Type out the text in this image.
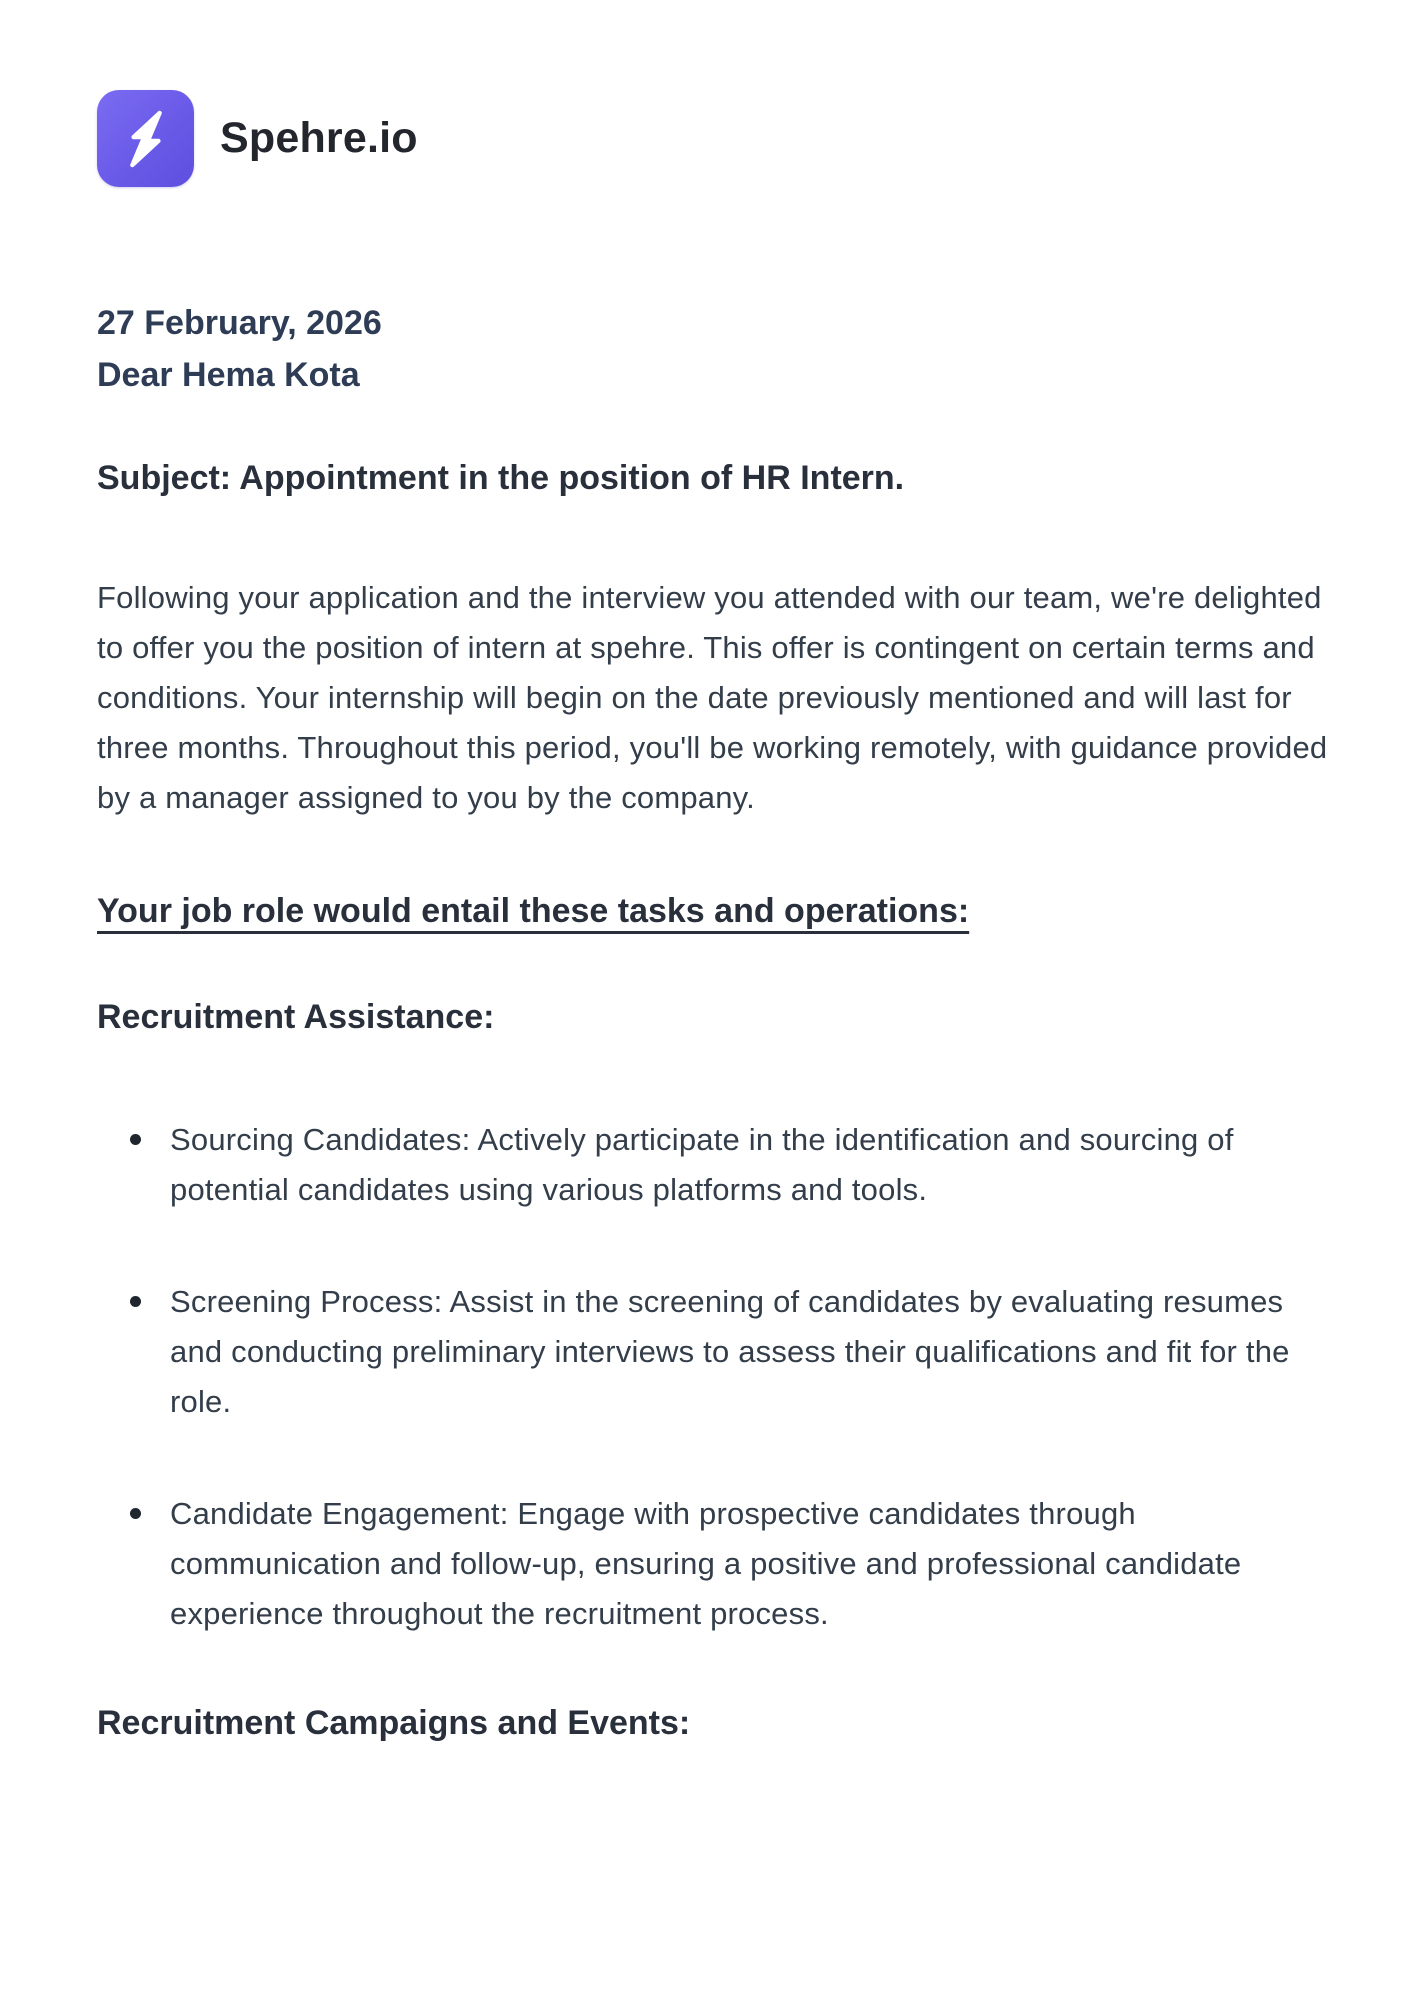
Spehre.io
27 February, 2026
Dear Hema Kota
Subject: Appointment in the position of HR Intern.

Following your application and the interview you attended with our team, we're delighted to offer you the position of intern at spehre. This offer is contingent on certain terms and conditions. Your internship will begin on the date previously mentioned and will last for three months. Throughout this period, you'll be working remotely, with guidance provided by a manager assigned to you by the company.

Your job role would entail these tasks and operations:
Recruitment Assistance:
Sourcing Candidates: Actively participate in the identification and sourcing of potential candidates using various platforms and tools.
Screening Process: Assist in the screening of candidates by evaluating resumes and conducting preliminary interviews to assess their qualifications and fit for the role.
Candidate Engagement: Engage with prospective candidates through communication and follow-up, ensuring a positive and professional candidate experience throughout the recruitment process.
Recruitment Campaigns and Events:
